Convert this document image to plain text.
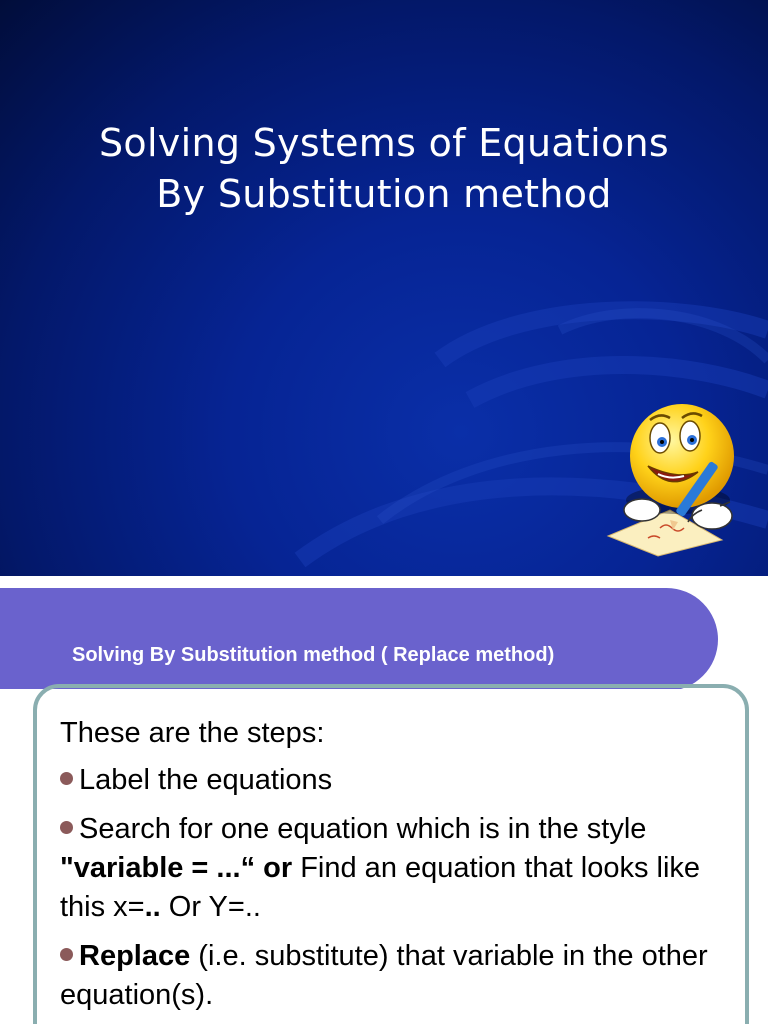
Solving Systems of Equations
By Substitution method
Solving By Substitution method ( Replace method)

These are the steps:

Label the equations

Search for one equation which is in the style "variable = ...“ or Find an equation that looks like this x=.. Or Y=..

Replace (i.e. substitute) that variable in the other equation(s).
